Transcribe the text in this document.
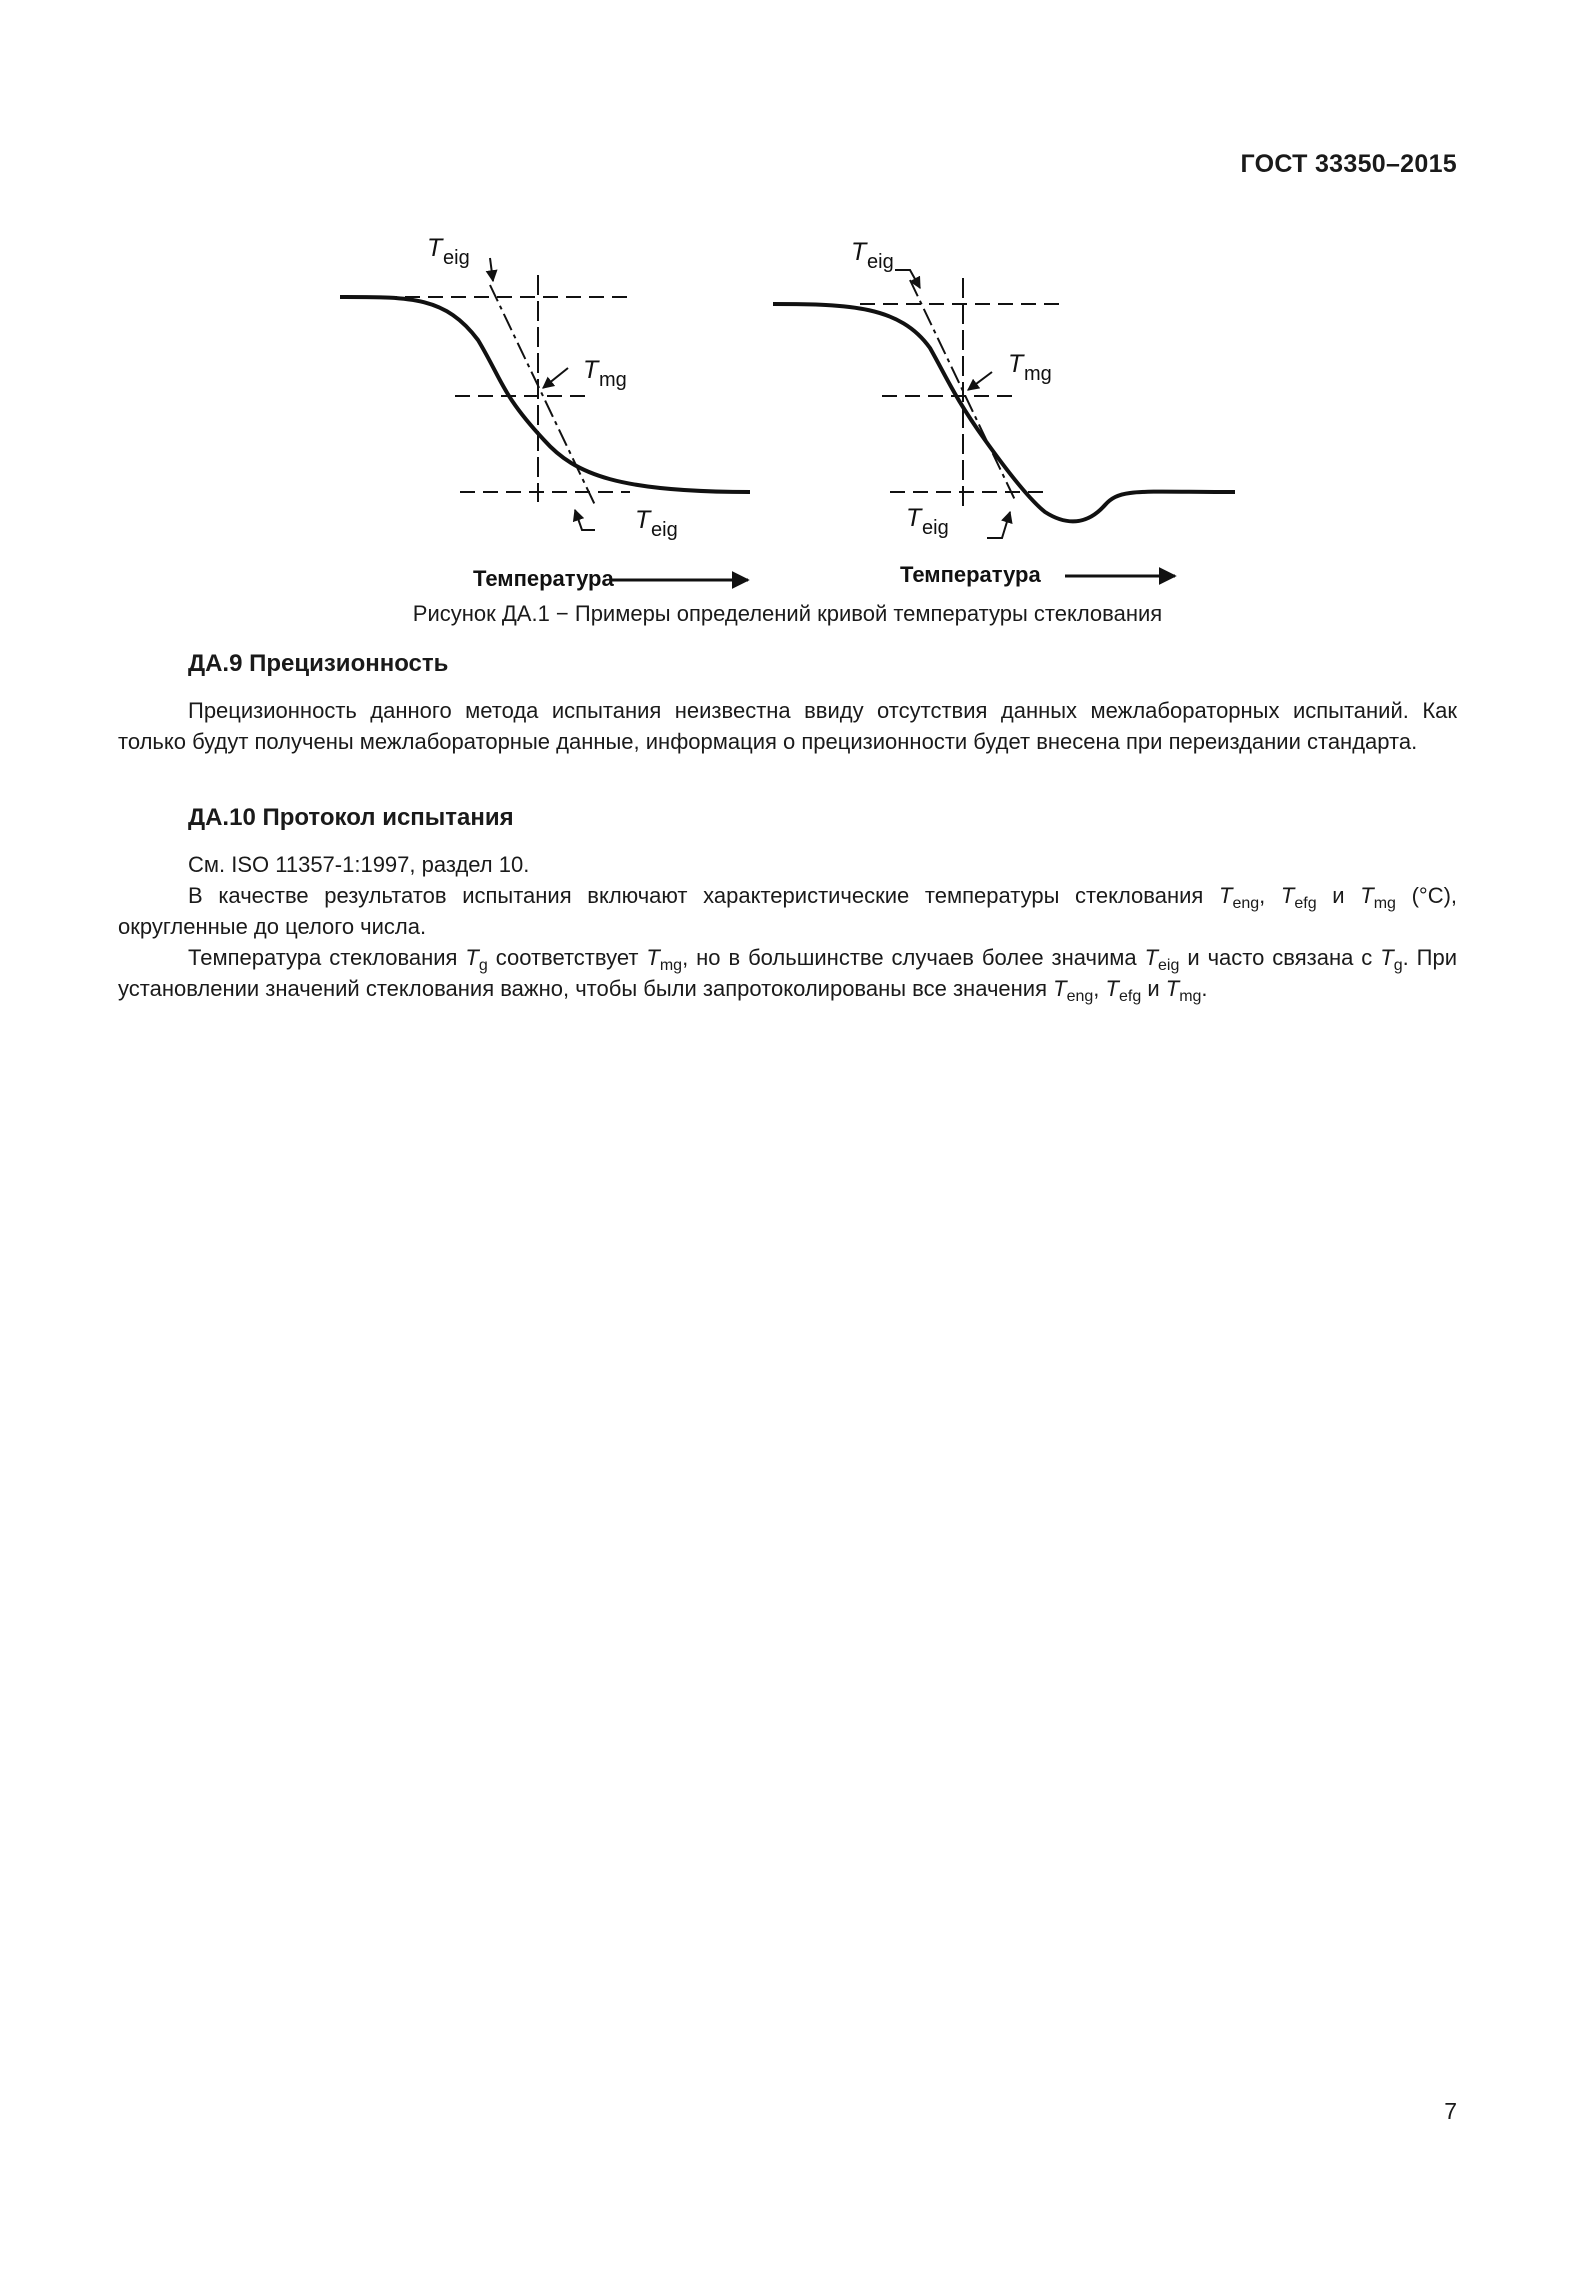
ГОСТ 33350–2015
T eig
T mg
T eig
Температура
T eig
T mg
T eig
Температура
Рисунок ДА.1 − Примеры определений кривой температуры стеклования
ДА.9 Прецизионность

Прецизионность данного метода испытания неизвестна ввиду отсутствия данных межлабораторных испытаний. Как только будут получены межлабораторные данные, информация о прецизионности будет внесена при переиздании стандарта.

ДА.10 Протокол испытания

См. ISO 11357-1:1997, раздел 10.

В качестве результатов испытания включают характеристические температуры стеклования $T_{eng}$, $T_{efg}$ и $T_{mg}$ (°C), округленные до целого числа.

Температура стеклования $T_g$ соответствует $T_{mg}$, но в большинстве случаев более значима $T_{eig}$ и часто связана с $T_g$. При установлении значений стеклования важно, чтобы были запротоколированы все значения $T_{eng}$, $T_{efg}$ и $T_{mg}$.

7
